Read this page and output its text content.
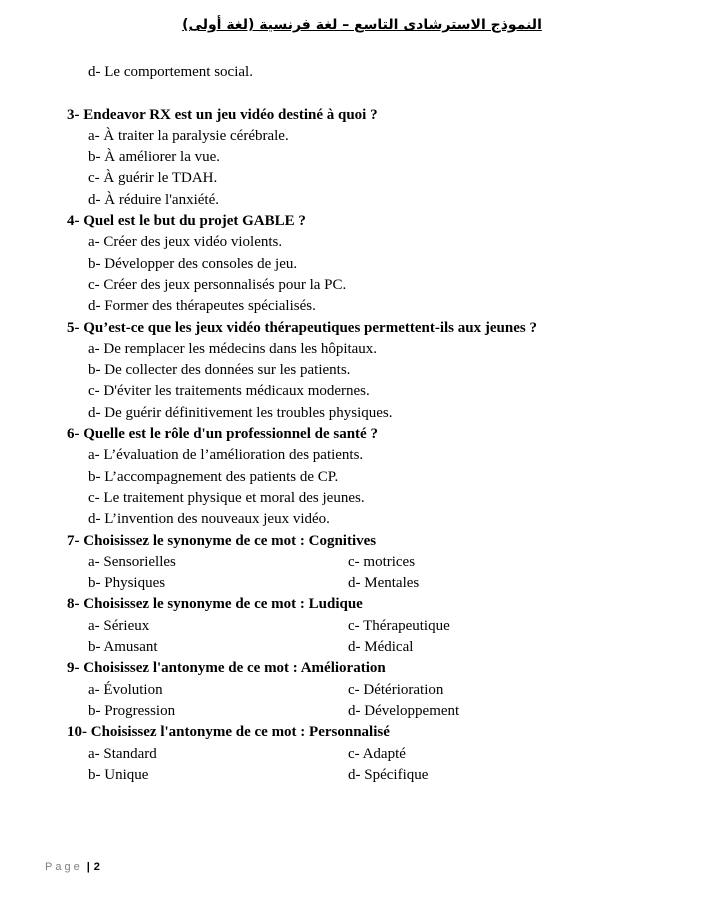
النموذج الاسترشادى التاسع – لغة فرنسية (لغة أولى)
d- Le comportement social.
3- Endeavor RX est un jeu vidéo destiné à quoi ?
a- À traiter la paralysie cérébrale.
b- À améliorer la vue.
c- À guérir le TDAH.
d- À réduire l'anxiété.
4- Quel est le but du projet GABLE ?
a- Créer des jeux vidéo violents.
b- Développer des consoles de jeu.
c- Créer des jeux personnalisés pour la PC.
d- Former des thérapeutes spécialisés.
5- Qu’est-ce que les jeux vidéo thérapeutiques permettent-ils aux jeunes ?
a- De remplacer les médecins dans les hôpitaux.
b- De collecter des données sur les patients.
c- D'éviter les traitements médicaux modernes.
d- De guérir définitivement les troubles physiques.
6- Quelle est le rôle d'un professionnel de santé ?
a- L’évaluation de l’amélioration des patients.
b- L’accompagnement des patients de CP.
c- Le traitement physique et moral des jeunes.
d- L’invention des nouveaux jeux vidéo.
7- Choisissez le synonyme de ce mot : Cognitives
a- Sensorielles	c- motrices
b- Physiques	d- Mentales
8- Choisissez le synonyme de ce mot : Ludique
a- Sérieux	c- Thérapeutique
b- Amusant	d- Médical
9- Choisissez l'antonyme de ce mot : Amélioration
a- Évolution	c- Détérioration
b- Progression	d- Développement
10- Choisissez l'antonyme de ce mot : Personnalisé
a- Standard	c- Adapté
b- Unique	d- Spécifique
Page | 2
